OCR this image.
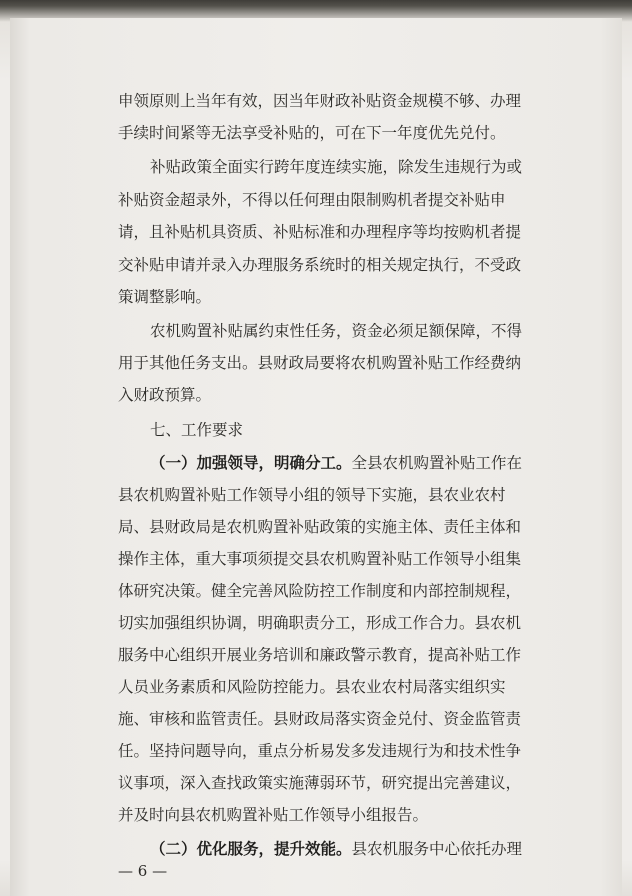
申领原则上当年有效，因当年财政补贴资金规模不够、办理
手续时间紧等无法享受补贴的，可在下一年度优先兑付。
补贴政策全面实行跨年度连续实施，除发生违规行为或
补贴资金超录外，不得以任何理由限制购机者提交补贴申
请，且补贴机具资质、补贴标准和办理程序等均按购机者提
交补贴申请并录入办理服务系统时的相关规定执行，不受政
策调整影响。
农机购置补贴属约束性任务，资金必须足额保障，不得
用于其他任务支出。县财政局要将农机购置补贴工作经费纳
入财政预算。
七、工作要求
（一）加强领导，明确分工。全县农机购置补贴工作在
县农机购置补贴工作领导小组的领导下实施，县农业农村
局、县财政局是农机购置补贴政策的实施主体、责任主体和
操作主体，重大事项须提交县农机购置补贴工作领导小组集
体研究决策。健全完善风险防控工作制度和内部控制规程，
切实加强组织协调，明确职责分工，形成工作合力。县农机
服务中心组织开展业务培训和廉政警示教育，提高补贴工作
人员业务素质和风险防控能力。县农业农村局落实组织实
施、审核和监管责任。县财政局落实资金兑付、资金监管责
任。坚持问题导向，重点分析易发多发违规行为和技术性争
议事项，深入查找政策实施薄弱环节，研究提出完善建议，
并及时向县农机购置补贴工作领导小组报告。
（二）优化服务，提升效能。县农机服务中心依托办理
— 6 —
